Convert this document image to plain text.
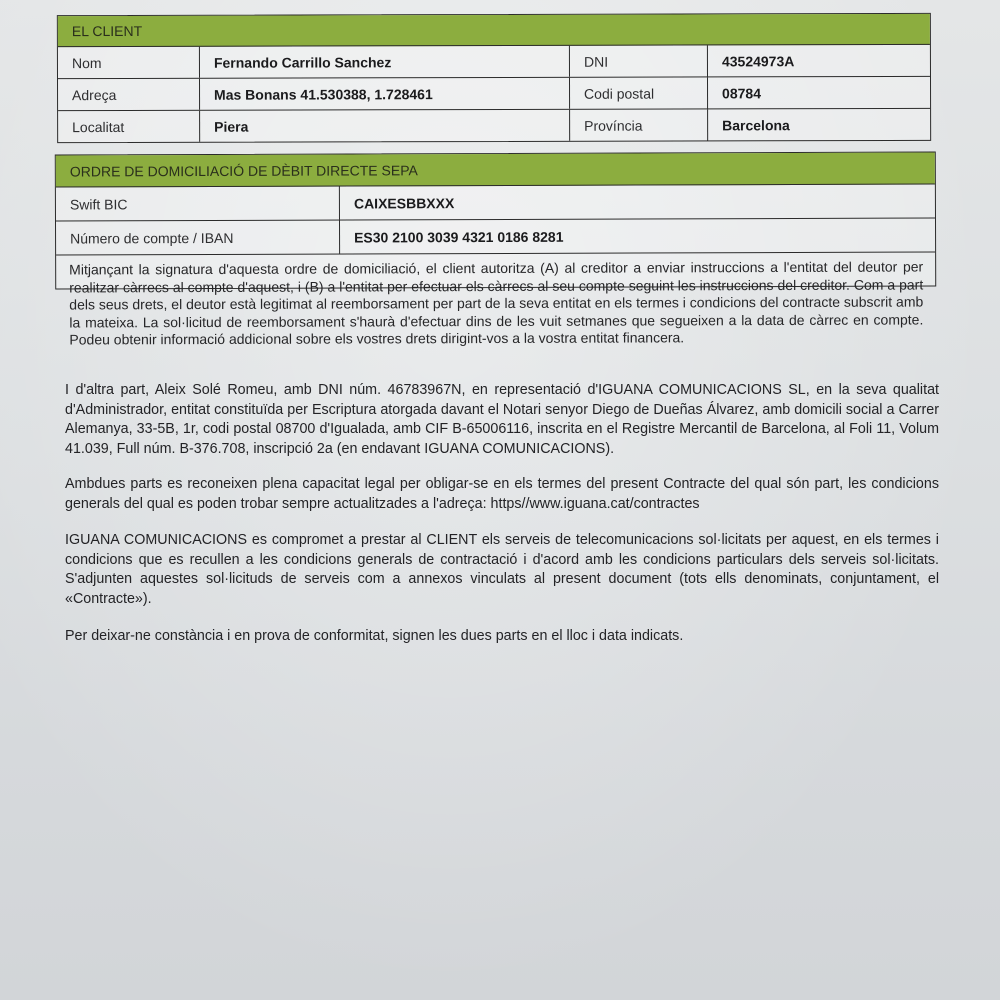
EL CLIENT
Nom	Fernando Carrillo Sanchez	DNI	43524973A
Adreça	Mas Bonans 41.530388, 1.728461	Codi postal	08784
Localitat	Piera	Província	Barcelona
ORDRE DE DOMICILIACIÓ DE DÈBIT DIRECTE SEPA
Swift BIC	CAIXESBBXXX
Número de compte / IBAN	ES30 2100 3039 4321 0186 8281
Mitjançant la signatura d'aquesta ordre de domiciliació, el client autoritza (A) al creditor a enviar instruccions a l'entitat del deutor per realitzar càrrecs al compte d'aquest, i (B) a l'entitat per efectuar els càrrecs al seu compte seguint les instruccions del creditor. Com a part dels seus drets, el deutor està legitimat al reemborsament per part de la seva entitat en els termes i condicions del contracte subscrit amb la mateixa. La sol·licitud de reemborsament s'haurà d'efectuar dins de les vuit setmanes que segueixen a la data de càrrec en compte. Podeu obtenir informació addicional sobre els vostres drets dirigint-vos a la vostra entitat financera.

I d'altra part, Aleix Solé Romeu, amb DNI núm. 46783967N, en representació d'IGUANA COMUNICACIONS SL, en la seva qualitat d'Administrador, entitat constituïda per Escriptura atorgada davant el Notari senyor Diego de Dueñas Álvarez, amb domicili social a Carrer Alemanya, 33-5B, 1r, codi postal 08700 d'Igualada, amb CIF B-65006116, inscrita en el Registre Mercantil de Barcelona, al Foli 11, Volum 41.039, Full núm. B-376.708, inscripció 2a (en endavant IGUANA COMUNICACIONS).

Ambdues parts es reconeixen plena capacitat legal per obligar-se en els termes del present Contracte del qual són part, les condicions generals del qual es poden trobar sempre actualitzades a l'adreça: https//www.iguana.cat/contractes

IGUANA COMUNICACIONS es compromet a prestar al CLIENT els serveis de telecomunicacions sol·licitats per aquest, en els termes i condicions que es recullen a les condicions generals de contractació i d'acord amb les condicions particulars dels serveis sol·licitats. S'adjunten aquestes sol·licituds de serveis com a annexos vinculats al present document (tots ells denominats, conjuntament, el «Contracte»).

Per deixar-ne constància i en prova de conformitat, signen les dues parts en el lloc i data indicats.
